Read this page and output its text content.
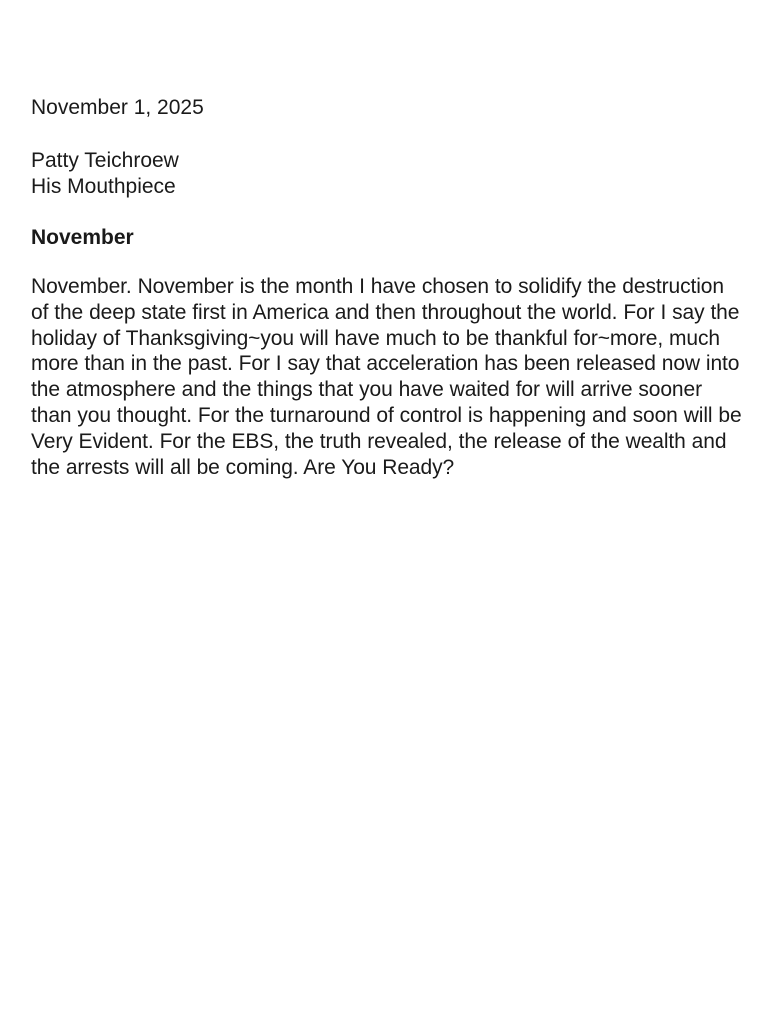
November 1, 2025

Patty Teichroew
His Mouthpiece
November
November. November is the month I have chosen to solidify the destruction of the deep state first in America and then throughout the world. For I say the holiday of Thanksgiving~you will have much to be thankful for~more, much more than in the past. For I say that acceleration has been released now into the atmosphere and the things that you have waited for will arrive sooner than you thought. For the turnaround of control is happening and soon will be Very Evident. For the EBS, the truth revealed, the release of the wealth and the arrests will all be coming. Are You Ready?
